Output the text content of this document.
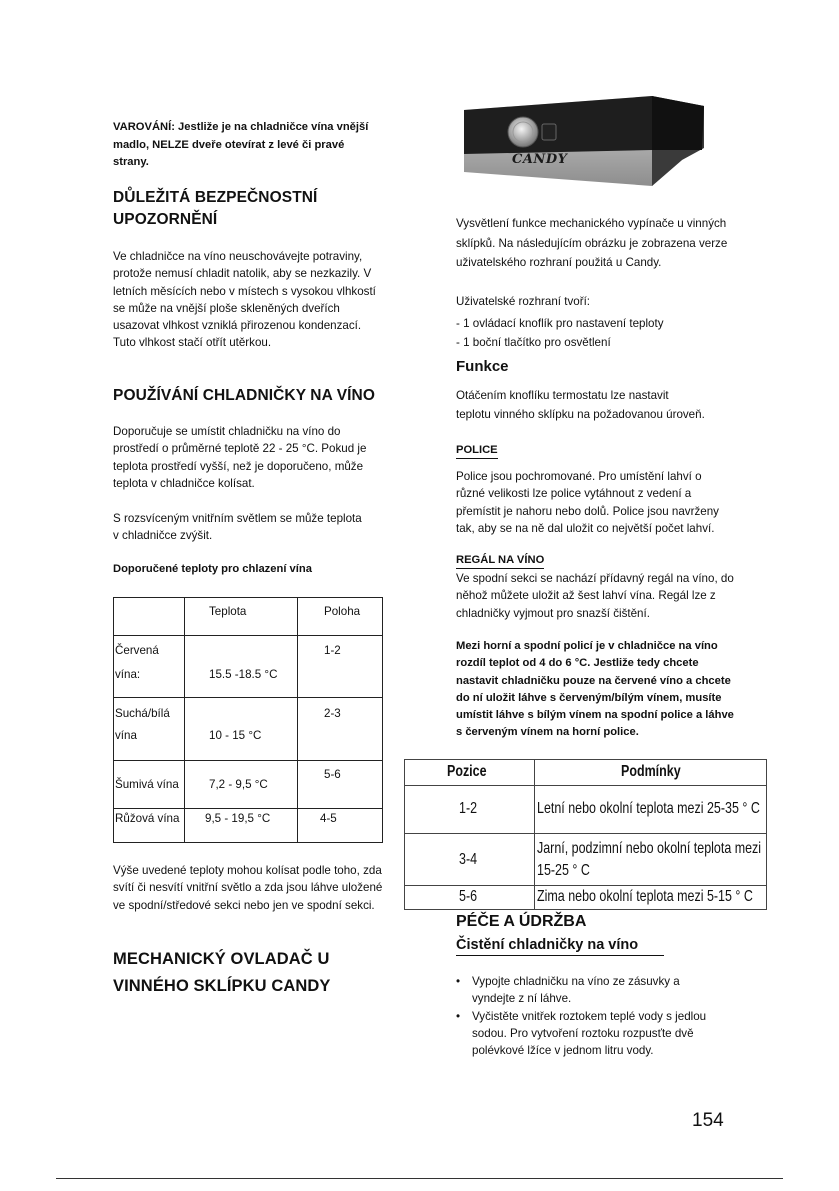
VAROVÁNÍ: Jestliže je na chladničce vína vnější madlo, NELZE dveře otevírat z levé či pravé strany.
DŮLEŽITÁ BEZPEČNOSTNÍ
UPOZORNĚNÍ
Ve chladničce na víno neuschovávejte potraviny, protože nemusí chladit natolik, aby se nezkazily. V letních měsících nebo v místech s vysokou vlhkostí se může na vnější ploše skleněných dveřích usazovat vlhkost vzniklá přirozenou kondenzací. Tuto vlhkost stačí otřít utěrkou.
POUŽÍVÁNÍ CHLADNIČKY NA VÍNO
Doporučuje se umístit chladničku na víno do prostředí o průměrné teplotě 22 - 25 °C. Pokud je teplota prostředí vyšší, než je doporučeno, může teplota v chladničce kolísat.
S rozsvíceným vnitřním světlem se může teplota v chladničce zvýšit.
Doporučené teploty pro chlazení vína

	Teplota	Poloha

Červená
vína:	15.5 -18.5 °C	1-2

Suchá/bílá
vína	10 - 15 °C	2-3

Šumivá vína	7,2 - 9,5 °C	5-6

Růžová vína	9,5 - 19,5 °C	4-5
Výše uvedené teploty mohou kolísat podle toho, zda svítí či nesvítí vnitřní světlo a zda jsou láhve uložené ve spodní/středové sekci nebo jen ve spodní sekci.
MECHANICKÝ OVLADAČ U
VINNÉHO SKLÍPKU CANDY
CANDY
Vysvětlení funkce mechanického vypínače u vinných sklípků. Na následujícím obrázku je zobrazena verze uživatelského rozhraní použitá u Candy.
Uživatelské rozhraní tvoří:
- 1 ovládací knoflík pro nastavení teploty
- 1 boční tlačítko pro osvětlení
Funkce
Otáčením knoflíku termostatu lze nastavit teplotu vinného sklípku na požadovanou úroveň.
POLICE
Police jsou pochromované. Pro umístění lahví o různé velikosti lze police vytáhnout z vedení a přemístit je nahoru nebo dolů. Police jsou navrženy tak, aby se na ně dal uložit co největší počet lahví.
REGÁL NA VÍNO
Ve spodní sekci se nachází přídavný regál na víno, do něhož můžete uložit až šest lahví vína. Regál lze z chladničky vyjmout pro snazší čištění.
Mezi horní a spodní policí je v chladničce na víno rozdíl teplot od 4 do 6 °C. Jestliže tedy chcete nastavit chladničku pouze na červené víno a chcete do ní uložit láhve s červeným/bílým vínem, musíte umístit láhve s bílým vínem na spodní police a láhve s červeným vínem na horní police.
Pozice	Podmínky

1-2	Letní nebo okolní teplota mezi 25-35 ° C

3-4	Jarní, podzimní nebo okolní teplota mezi
15-25 ° C

5-6	Zima nebo okolní teplota mezi 5-15 ° C
PÉČE A ÚDRŽBA
Čistění chladničky na víno
• Vypojte chladničku na víno ze zásuvky a vyndejte z ní láhve.
• Vyčistěte vnitřek roztokem teplé vody s jedlou sodou. Pro vytvoření roztoku rozpusťte dvě polévkové lžíce v jednom litru vody.
154
